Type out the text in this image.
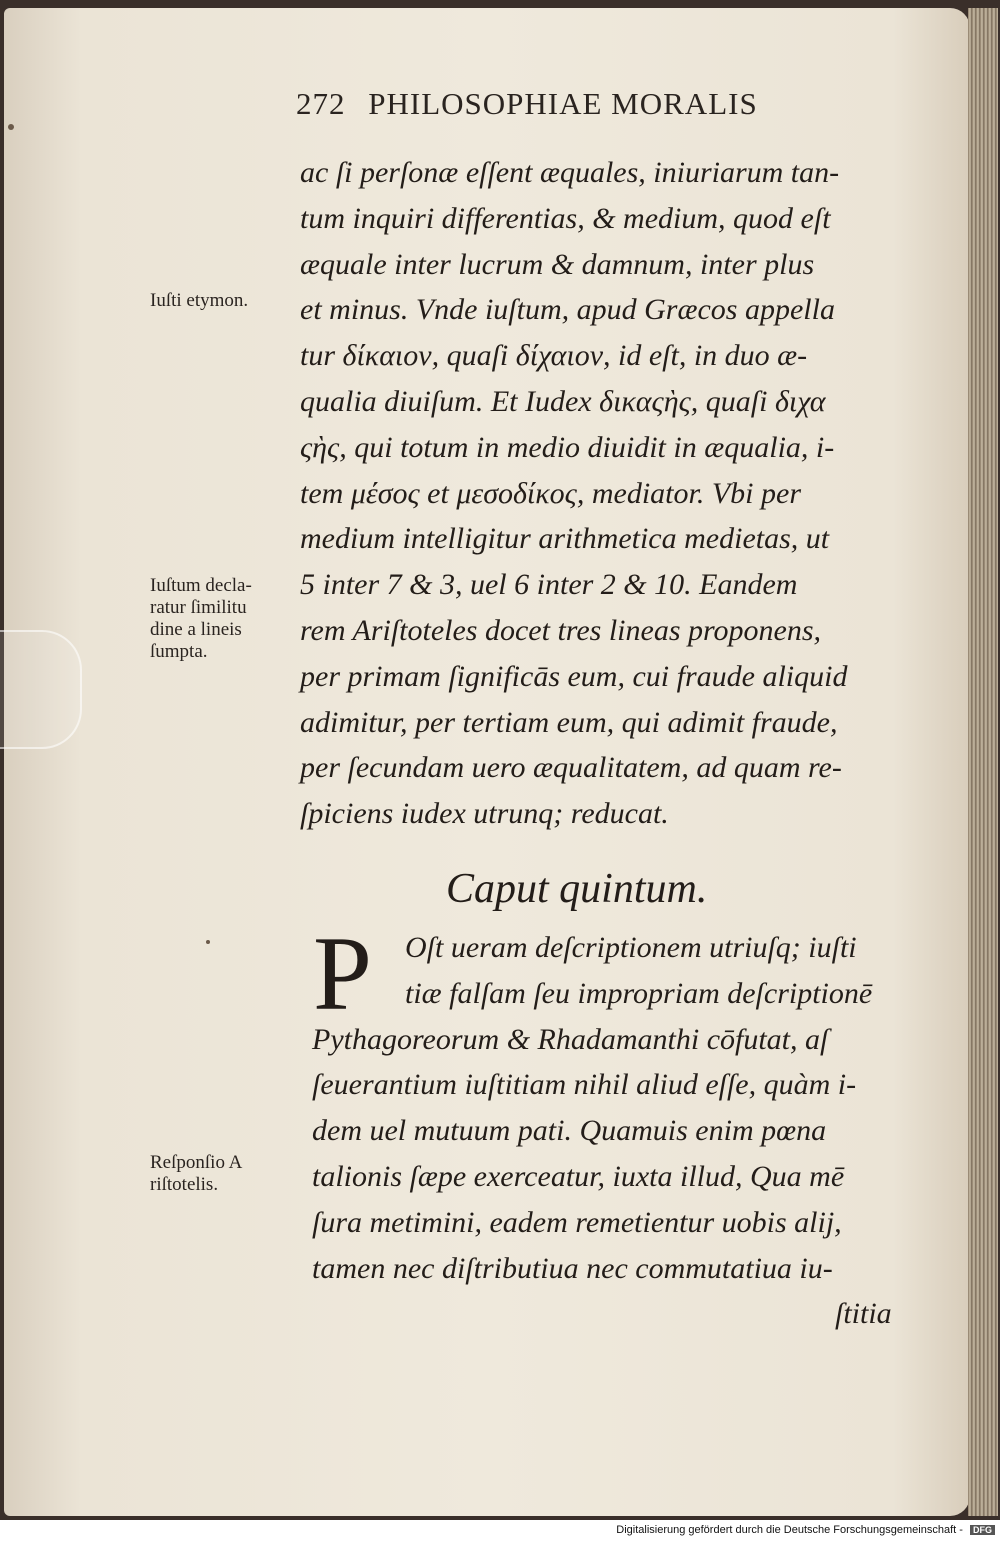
272 PHILOSOPHIAE MORALIS
ac ſi perſonæ eſſent æquales, iniuriarum tan-
tum inquiri differentias, & medium, quod eſt
æquale inter lucrum & damnum, inter plus
et minus. Vnde iuſtum, apud Græcos appella
tur δίκαιον, quaſi δίχαιον, id eſt, in duo æ-
qualia diuiſum. Et Iudex δικαςὴς, quaſi διχα
ςὴς, qui totum in medio diuidit in æqualia, i-
tem μέσος et μεσοδίκος, mediator. Vbi per
medium intelligitur arithmetica medietas, ut
5 inter 7 & 3, uel 6 inter 2 & 10. Eandem
rem Ariſtoteles docet tres lineas proponens,
per primam ſignificās eum, cui fraude aliquid
adimitur, per tertiam eum, qui adimit fraude,
per ſecundam uero æqualitatem, ad quam re-
ſpiciens iudex utrunq; reducat.
Caput quintum.
P	Oſt ueram deſcriptionem utriuſq; iuſti
tiæ falſam ſeu impropriam deſcriptionē
Pythagoreorum & Rhadamanthi cōfutat, aſ
ſeuerantium iuſtitiam nihil aliud eſſe, quàm i-
dem uel mutuum pati. Quamuis enim pœna
talionis ſæpe exerceatur, iuxta illud, Qua mē
ſura metimini, eadem remetientur uobis alij,
tamen nec diſtributiua nec commutatiua iu-
ſtitia
Iuſti etymon.
Iuſtum decla-
ratur ſimilitu
dine a lineis
ſumpta.
Reſponſio A
riſtotelis.
Digitalisierung gefördert durch die Deutsche Forschungsgemeinschaft - DFG
